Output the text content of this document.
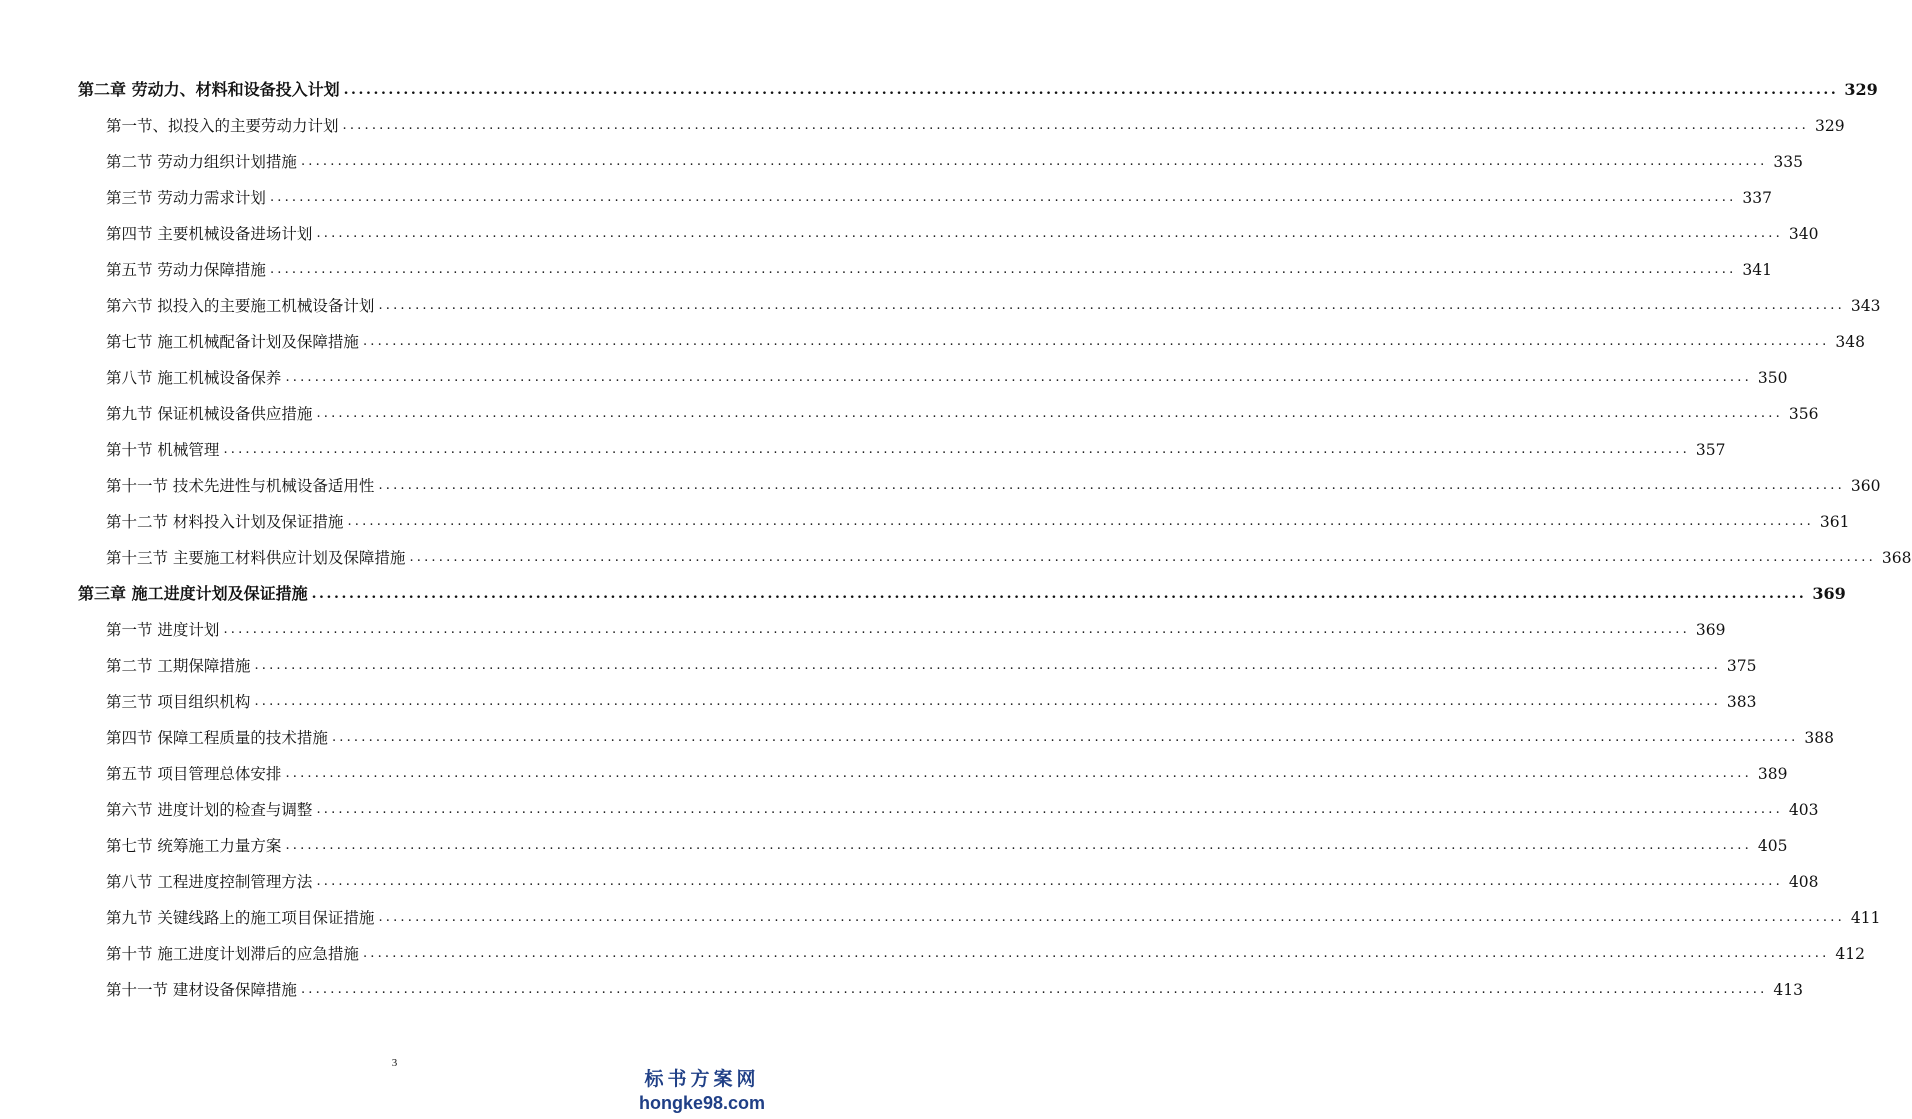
第二章 劳动力、材料和设备投入计划 ........................................................................................................................................................................................................ 329
第一节、拟投入的主要劳动力计划 ........................................................................................................................................................................................................ 329
第二节 劳动力组织计划措施 ........................................................................................................................................................................................................ 335
第三节 劳动力需求计划 ........................................................................................................................................................................................................ 337
第四节 主要机械设备进场计划 ........................................................................................................................................................................................................ 340
第五节 劳动力保障措施 ........................................................................................................................................................................................................ 341
第六节 拟投入的主要施工机械设备计划 ........................................................................................................................................................................................................ 343
第七节 施工机械配备计划及保障措施 ........................................................................................................................................................................................................ 348
第八节 施工机械设备保养 ........................................................................................................................................................................................................ 350
第九节 保证机械设备供应措施 ........................................................................................................................................................................................................ 356
第十节 机械管理 ........................................................................................................................................................................................................ 357
第十一节 技术先进性与机械设备适用性 ........................................................................................................................................................................................................ 360
第十二节 材料投入计划及保证措施 ........................................................................................................................................................................................................ 361
第十三节 主要施工材料供应计划及保障措施 ........................................................................................................................................................................................................ 368
第三章 施工进度计划及保证措施 ........................................................................................................................................................................................................ 369
第一节 进度计划 ........................................................................................................................................................................................................ 369
第二节 工期保障措施 ........................................................................................................................................................................................................ 375
第三节 项目组织机构 ........................................................................................................................................................................................................ 383
第四节 保障工程质量的技术措施 ........................................................................................................................................................................................................ 388
第五节 项目管理总体安排 ........................................................................................................................................................................................................ 389
第六节 进度计划的检查与调整 ........................................................................................................................................................................................................ 403
第七节 统筹施工力量方案 ........................................................................................................................................................................................................ 405
第八节 工程进度控制管理方法 ........................................................................................................................................................................................................ 408
第九节 关键线路上的施工项目保证措施 ........................................................................................................................................................................................................ 411
第十节 施工进度计划滞后的应急措施 ........................................................................................................................................................................................................ 412
第十一节 建材设备保障措施 ........................................................................................................................................................................................................ 413
3
标书方案网
hongke98.com
